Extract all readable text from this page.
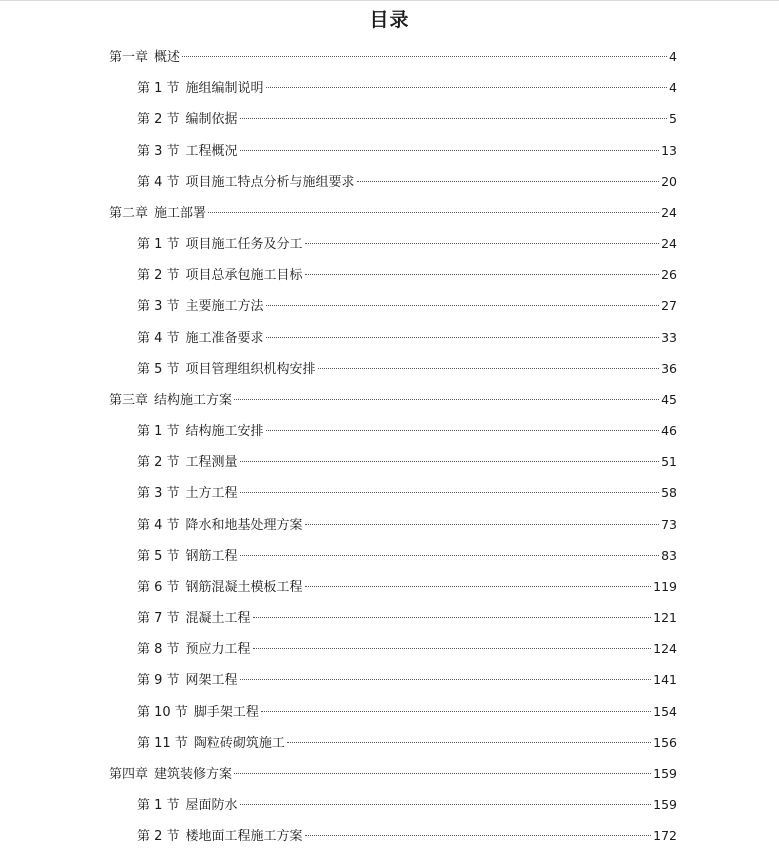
目录
第一章 概述	4
第 1 节 施组编制说明	4
第 2 节 编制依据	5
第 3 节 工程概况	13
第 4 节 项目施工特点分析与施组要求	20
第二章 施工部署	24
第 1 节 项目施工任务及分工	24
第 2 节 项目总承包施工目标	26
第 3 节 主要施工方法	27
第 4 节 施工准备要求	33
第 5 节 项目管理组织机构安排	36
第三章 结构施工方案	45
第 1 节 结构施工安排	46
第 2 节 工程测量	51
第 3 节 土方工程	58
第 4 节 降水和地基处理方案	73
第 5 节 钢筋工程	83
第 6 节 钢筋混凝土模板工程	119
第 7 节 混凝土工程	121
第 8 节 预应力工程	124
第 9 节 网架工程	141
第 10 节 脚手架工程	154
第 11 节 陶粒砖砌筑施工	156
第四章 建筑装修方案	159
第 1 节 屋面防水	159
第 2 节 楼地面工程施工方案	172
